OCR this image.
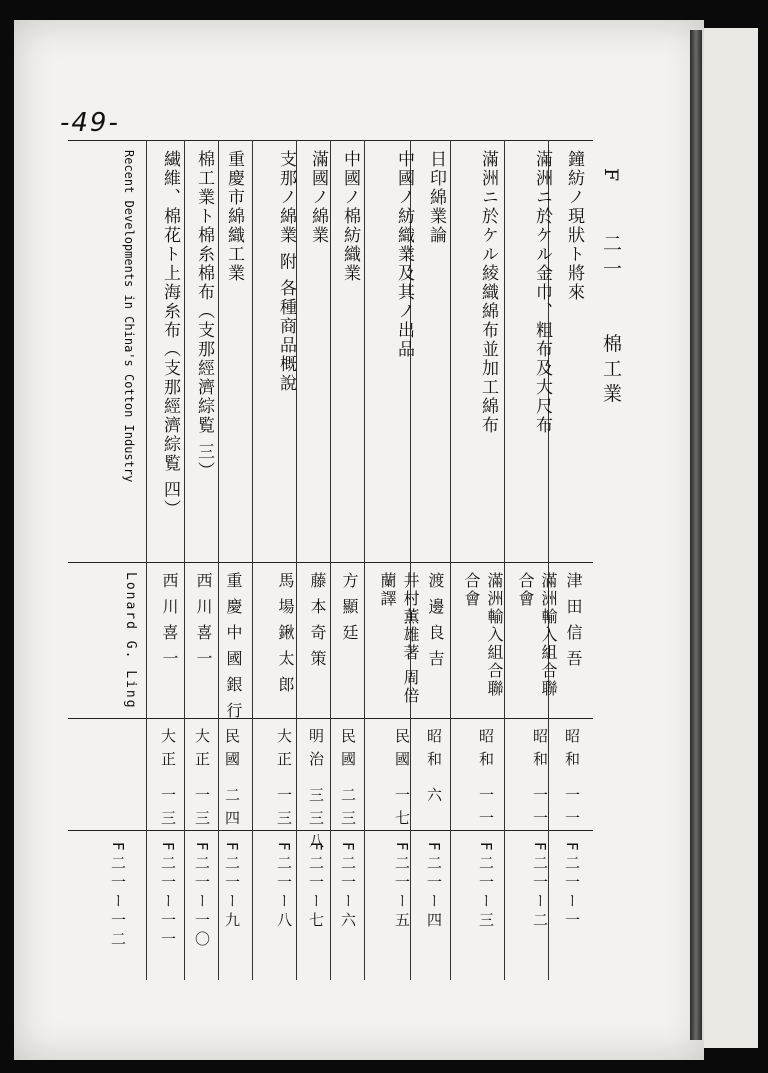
-49-
F  二一  棉工業
鐘紡ノ現狀ト將來
津田信吾
昭和 一一
F二一ー一
滿洲ニ於ケル金巾、粗布及大尺布
滿洲輸入組合聯合會
昭和 一一
F二一ー二
滿洲ニ於ケル綾織綿布並加工綿布
滿洲輸入組合聯合會
昭和 一一
F二一ー三
日印綿業論
渡邊良吉
昭和 六
F二一ー四
中國ノ紡織業及其ノ出品
井村薫雄著 周倍蘭譯
民國 一七
F二一ー五
中國ノ棉紡織業
方顯廷
民國 二三
F二一ー六
滿國ノ綿業
藤本奇策
明治 三三八
F二一ー七
支那ノ綿業 附 各種商品概說
馬場鍬太郎
大正 一三
F二一ー八
重慶市綿織工業
重慶中國銀行
民國 二四
F二一ー九
棉工業ト棉糸棉布（支那經濟綜覧 三）
西川喜一
大正 一三
F二一ー一〇
繊維、棉花ト上海糸布（支那經濟綜覧 四）
西川喜一
大正 一三
F二一ー一一
Recent Developments in China's Cotton Industry
Lonard G. Ling
F二一ー一二
